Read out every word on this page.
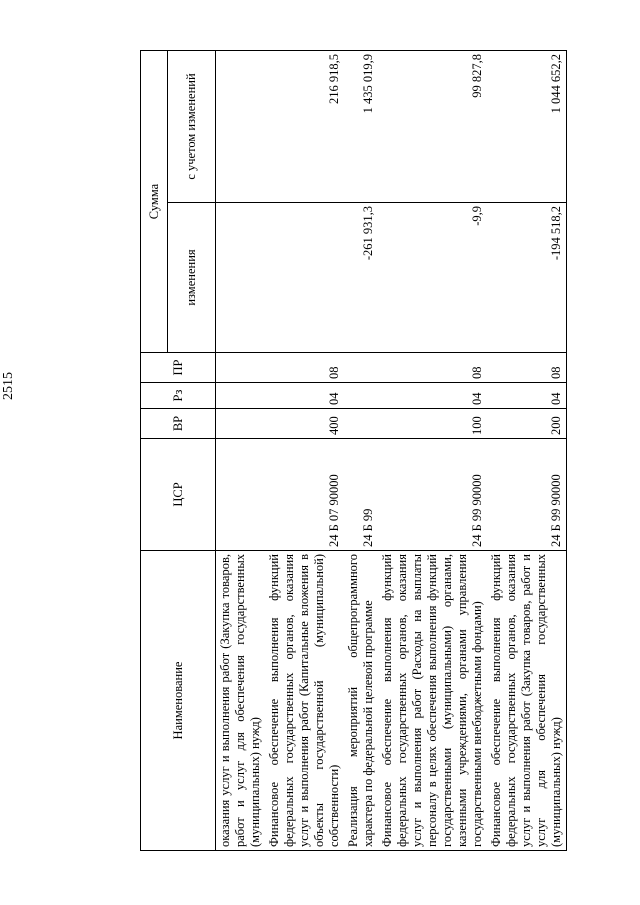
2515
Наименование	ЦСР	ВР	Рз	ПР	Сумма	
					изменения	с учетом изменений
оказания услуг и выполнения работ (Закупка товаров, работ и услуг для обеспечения государственных (муниципальных) нужд)						
Финансовое обеспечение выполнения функций федеральных государственных органов, оказания услуг и выполнения работ (Капитальные вложения в объекты государственной (муниципальной) собственности)	24 Б 07 90000	400	04	08		216 918,5
Реализация мероприятий общепрограммного характера по федеральной целевой программе	24 Б 99				-261 931,3	1 435 019,9
Финансовое обеспечение выполнения функций федеральных государственных органов, оказания услуг и выполнения работ (Расходы на выплаты персоналу в целях обеспечения выполнения функций государственными (муниципальными) органами, казенными учреждениями, органами управления государственными внебюджетными фондами)	24 Б 99 90000	100	04	08	-9,9	99 827,8
Финансовое обеспечение выполнения функций федеральных государственных органов, оказания услуг и выполнения работ (Закупка товаров, работ и услуг для обеспечения государственных (муниципальных) нужд)	24 Б 99 90000	200	04	08	-194 518,2	1 044 652,2
